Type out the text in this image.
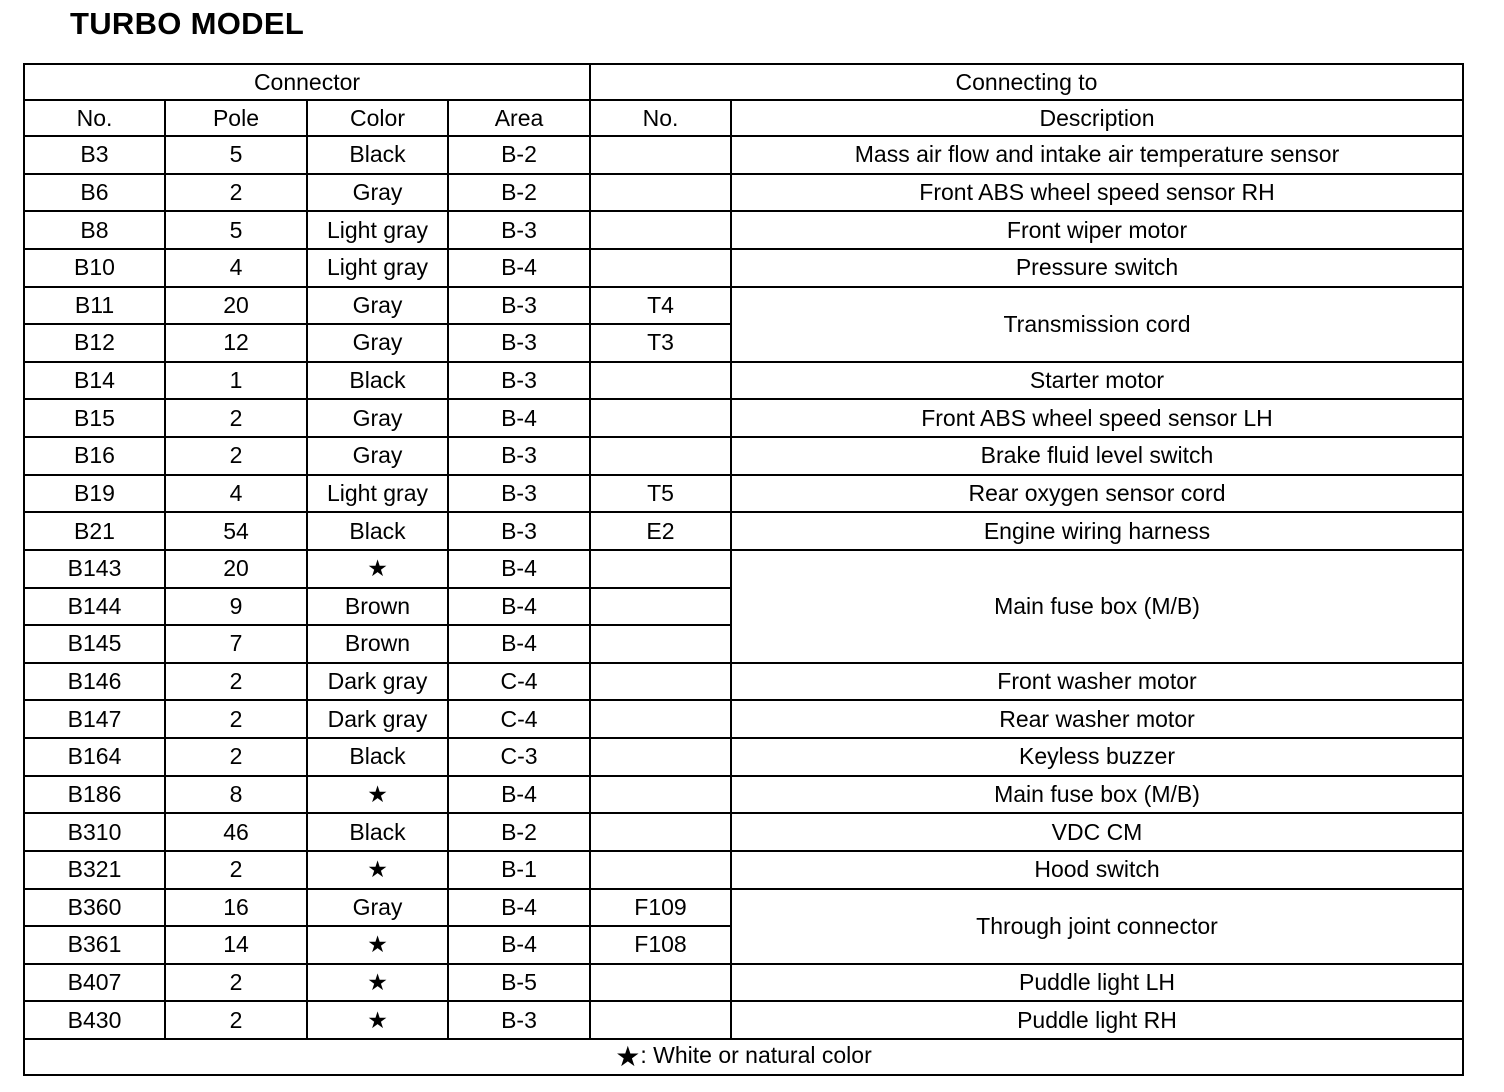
TURBO MODEL
Connector				Connecting to	
No.	Pole	Color	Area	No.	Description
B3	5	Black	B-2		Mass air flow and intake air temperature sensor
B6	2	Gray	B-2		Front ABS wheel speed sensor RH
B8	5	Light gray	B-3		Front wiper motor
B10	4	Light gray	B-4		Pressure switch
B11	20	Gray	B-3	T4	Transmission cord
B12	12	Gray	B-3	T3	
B14	1	Black	B-3		Starter motor
B15	2	Gray	B-4		Front ABS wheel speed sensor LH
B16	2	Gray	B-3		Brake fluid level switch
B19	4	Light gray	B-3	T5	Rear oxygen sensor cord
B21	54	Black	B-3	E2	Engine wiring harness
B143	20	★	B-4		Main fuse box (M/B)
B144	9	Brown	B-4		
B145	7	Brown	B-4		
B146	2	Dark gray	C-4		Front washer motor
B147	2	Dark gray	C-4		Rear washer motor
B164	2	Black	C-3		Keyless buzzer
B186	8	★	B-4		Main fuse box (M/B)
B310	46	Black	B-2		VDC CM
B321	2	★	B-1		Hood switch
B360	16	Gray	B-4	F109	Through joint connector
B361	14	★	B-4	F108	
B407	2	★	B-5		Puddle light LH
B430	2	★	B-3		Puddle light RH
★: White or natural color					
